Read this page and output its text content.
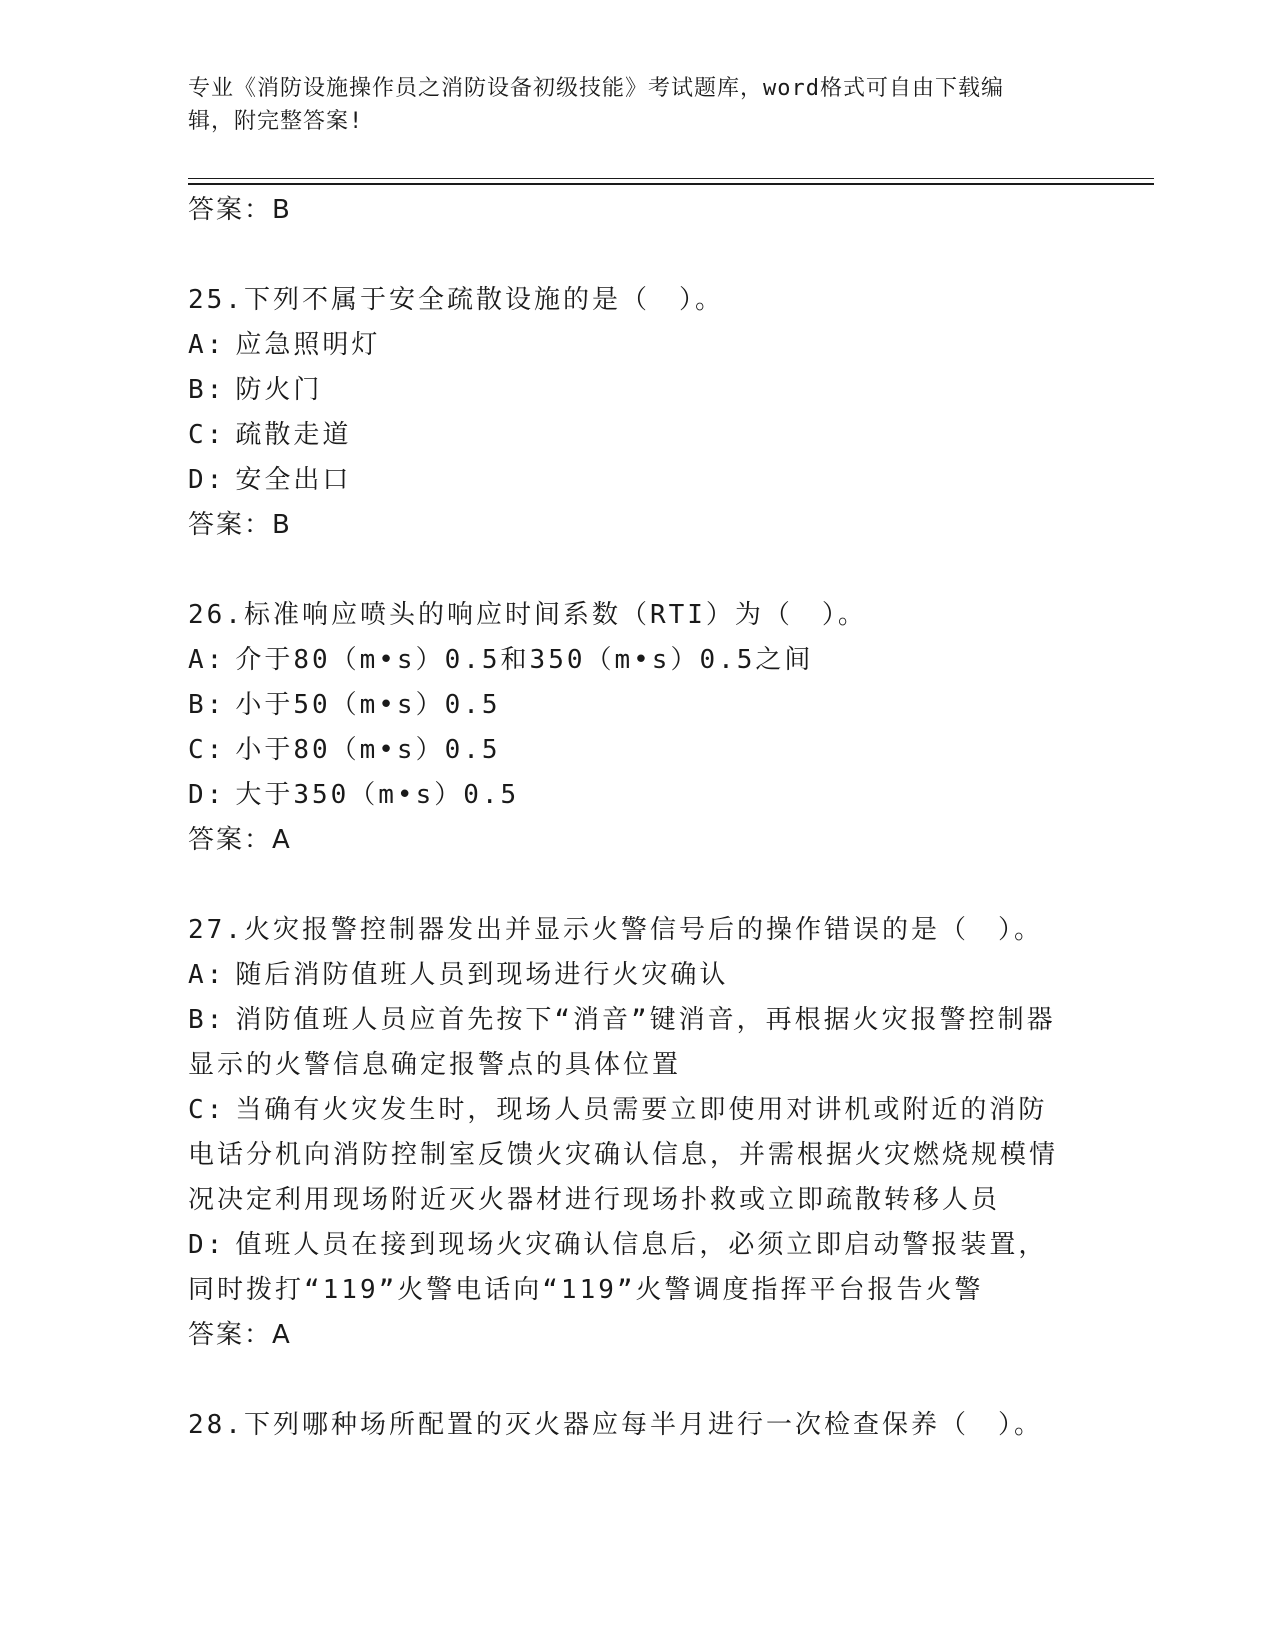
专业《消防设施操作员之消防设备初级技能》考试题库，word格式可自由下载编
辑，附完整答案!

答案：B

25.下列不属于安全疏散设施的是（　）。

A: 应急照明灯

B: 防火门

C: 疏散走道

D: 安全出口

答案：B

26.标准响应喷头的响应时间系数（RTI）为（　）。

A: 介于80（m•s）0.5和350（m•s）0.5之间

B: 小于50（m•s）0.5

C: 小于80（m•s）0.5

D: 大于350（m•s）0.5

答案：A

27.火灾报警控制器发出并显示火警信号后的操作错误的是（　）。

A: 随后消防值班人员到现场进行火灾确认

B: 消防值班人员应首先按下“消音”键消音，再根据火灾报警控制器显示的火警信息确定报警点的具体位置

C: 当确有火灾发生时，现场人员需要立即使用对讲机或附近的消防电话分机向消防控制室反馈火灾确认信息，并需根据火灾燃烧规模情况决定利用现场附近灭火器材进行现场扑救或立即疏散转移人员

D: 值班人员在接到现场火灾确认信息后，必须立即启动警报装置，同时拨打“119”火警电话向“119”火警调度指挥平台报告火警

答案：A

28.下列哪种场所配置的灭火器应每半月进行一次检查保养（　）。
